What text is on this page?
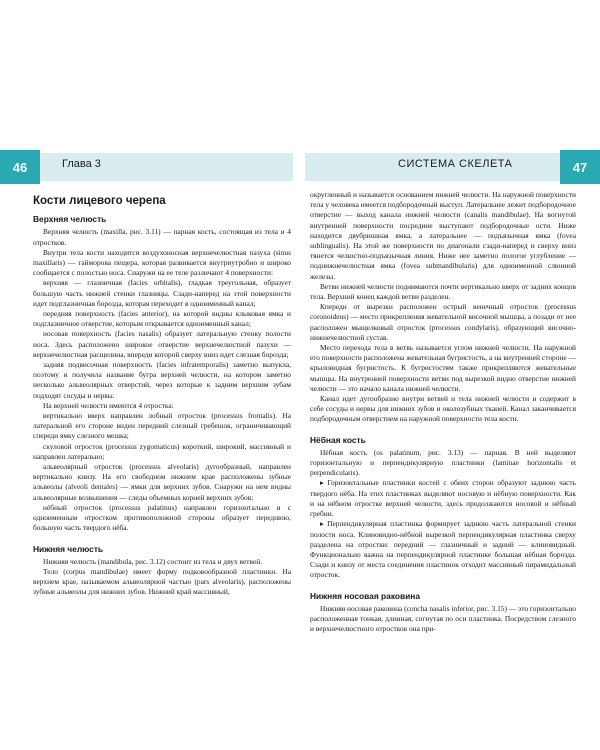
46	47
Глава 3	СИСТЕМА СКЕЛЕТА
Кости лицевого черепа
Верхняя челюсть

Верхняя челюсть (maxilla, рис. 3.11) — парная кость, состоящая из тела и 4 отростков.

Внутри тела кости находится воздухоносная верхнечелюстная пазуха (sinus maxillaris) — гайморова пещера, которая развивается внутриутробно и широко сообщается с полостью носа. Снаружи на ее теле различают 4 поверхности:

верхняя — глазничная (facies orbitalis), гладкая треугольная, образует большую часть нижней стенки глазницы. Сзади-наперед на этой поверхности идет подглазничная борозда, которая переходит в одноименный канал;

передняя поверхность (facies anterior), на которой видны клыковая ямка и подглазничное отверстие, которым открывается одноименный канал;

носовая поверхность (facies nasalis) образует латеральную стенку полости носа. Здесь расположено широкое отверстие верхнечелюстной пазухи — верхнечелюстная расщелина, впереди которой сверху вниз идет слезная борозда;

задняя подвисочная поверхность (facies infratemporalis) заметно выпукла, поэтому и получила название бугра верхней челюсти, на котором заметно несколько альвеолярных отверстий, через которые к задним верхним зубам подходят сосуды и нервы.

На верхней челюсти имеются 4 отростка:

вертикально вверх направлен лобный отросток (processus frontalis). На латеральной его стороне виден передний слезный гребешок, ограничивающий спереди ямку слезного мешка;

скуловой отросток (processus zygomaticus) короткий, широкий, массивный и направлен латерально;

альвеолярный отросток (processus alveolaris) дугообразный, направлен вертикально книзу. На его свободном нижнем крае расположены зубные альвеолы (alveoli dentales) — ямки для верхних зубов. Снаружи на нем видны альвеолярные возвышения — следы объемных корней верхних зубов;

нёбный отросток (processus palatinus) направлен горизонтально и с одноименным отростком противоположной стороны образует переднюю, большую часть твердого нёба.

Нижняя челюсть

Нижняя челюсть (mandibula, рис. 3.12) состоит из тела и двух ветвей.

Тело (corpus mandibulae) имеет форму подковообразной пластинки. На верхнем крае, называемом альвеолярной частью (pars alveolaris), расположены зубные альвеолы для нижних зубов. Нижний край массивный,

округленный и называется основанием нижней челюсти. На наружной поверхности тела у человека имеется подбородочный выступ. Латеральнее лежит подбородочное отверстие — выход канала нижней челюсти (canalis mandibulae). На вогнутой внутренней поверхности посредине выступают подбородочные ости. Ниже находится двубрюшная ямка, а латеральнее — подъязычная ямка (fovea sublingualis). На этой же поверхности по диагонали сзади-наперед и сверху вниз тянется челюстно-подъязычная линия. Ниже нее заметно пологое углубление — поднижнечелюстная ямка (fovea submandibularis) для одноименной слюнной железы.

Ветви нижней челюсти поднимаются почти вертикально вверх от задних концов тела. Верхний конец каждой ветви разделен.

Кпереди от вырезки расположен острый венечный отросток (processus coronoideus) — место прикрепления жевательной височной мышцы, а позади от нее расположен мыщелковый отросток (processus condylaris), образующий височно-нижнечелюстной сустав.

Место перехода тела в ветвь называется углом нижней челюсти. На наружной его поверхности расположена жевательная бугристость, а на внутренней стороне — крыловидная бугристость. К бугристостям также прикрепляются жевательные мышцы. На внутренней поверхности ветви под вырезкой видно отверстие нижней челюсти — это начало канала нижней челюсти.

Канал идет дугообразно внутри ветвей и тела нижней челюсти и содержит в себе сосуды и нервы для нижних зубов и околозубных тканей. Канал заканчивается подбородочным отверстием на наружной поверхности тела кости.

Нёбная кость

Нёбная кость (os palatinum, рис. 3.13) — парная. В ней выделяют горизонтальную и перпендикулярную пластинки (laminae horizontalis et perpendicularis).

▸ Горизонтальные пластинки костей с обеих сторон образуют заднюю часть твердого нёба. На этих пластинках выделяют носовую и нёбную поверхности. Как и на нёбном отростке верхней челюсти, здесь продолжаются носовой и нёбный гребни.

▸ Перпендикулярная пластинка формирует заднюю часть латеральной стенки полости носа. Клиновидно-нёбной вырезкой перпендикулярная пластинка сверху разделена на отростки: передний — глазничный и задний — клиновидный. Функционально важна на перпендикулярной пластинке большая нёбная борозда. Сзади и книзу от места соединения пластинок отходит массивный пирамидальный отросток.

Нижняя носовая раковина

Нижняя носовая раковина (concha nasalis inferior, рис. 3.15) — это горизонтально расположенная тонкая, длинная, согнутая по оси пластинка. Посредством слезного и верхнечелюстного отростков она при-
